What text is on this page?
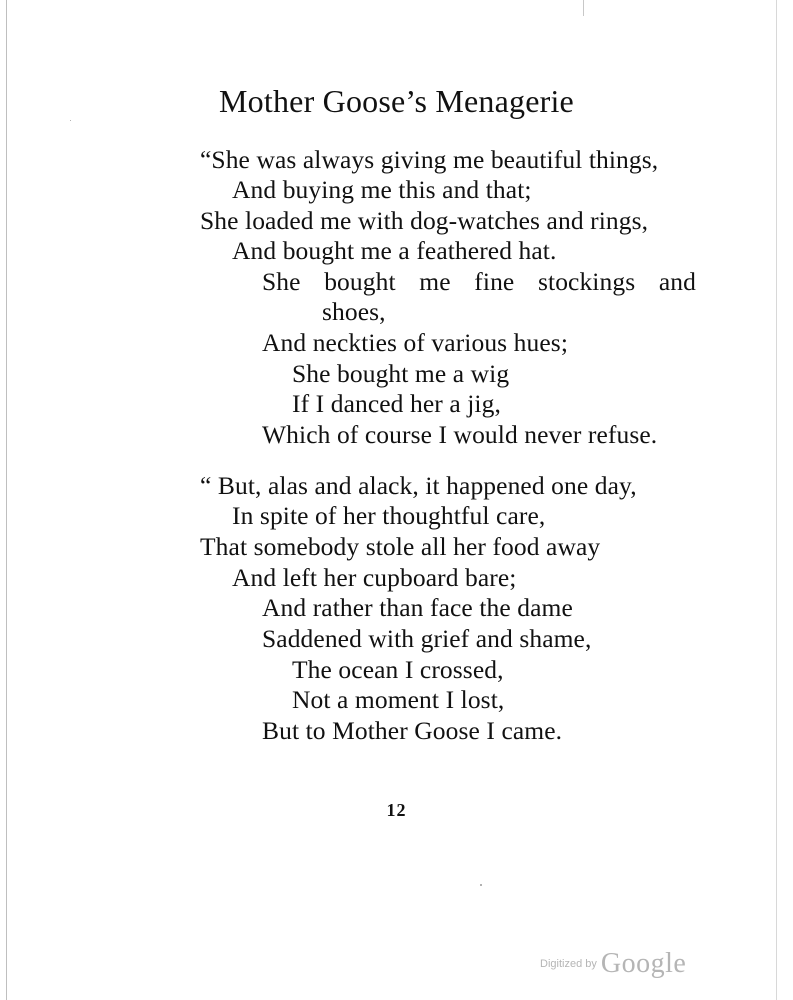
Mother Goose’s Menagerie
“She was always giving me beautiful things,
And buying me this and that;
She loaded me with dog-watches and rings,
And bought me a feathered hat.
She bought me fine stockings and
shoes,
And neckties of various hues;
She bought me a wig
If I danced her a jig,
Which of course I would never refuse.
“ But, alas and alack, it happened one day,
In spite of her thoughtful care,
That somebody stole all her food away
And left her cupboard bare;
And rather than face the dame
Saddened with grief and shame,
The ocean I crossed,
Not a moment I lost,
But to Mother Goose I came.
12
Digitized by Google
